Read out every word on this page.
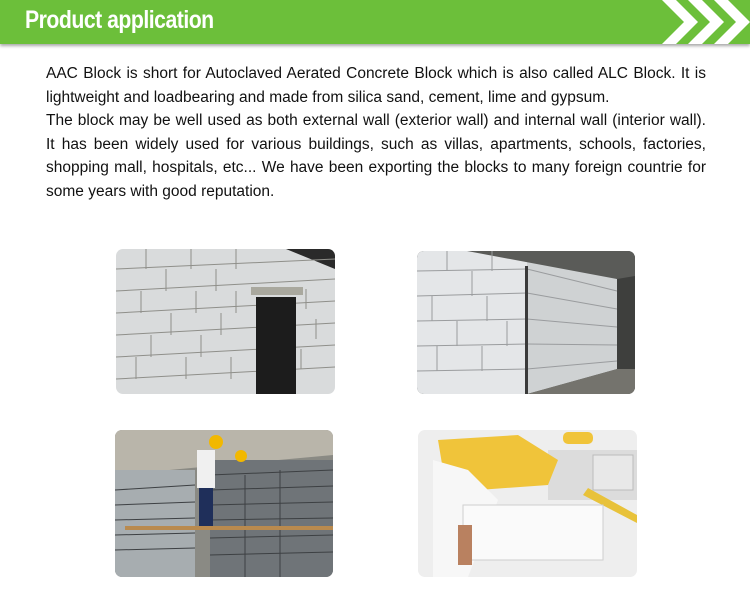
Product application

AAC Block is short for Autoclaved Aerated Concrete Block which is also called ALC Block. It is lightweight and loadbearing and made from silica sand, cement, lime and gypsum.

The block may be well used as both external wall (exterior wall) and internal wall (interior wall). It has been widely used for various buildings, such as villas, apartments, schools, factories, shopping mall, hospitals, etc... We have been exporting the blocks to many foreign countrie for some years with good reputation.
